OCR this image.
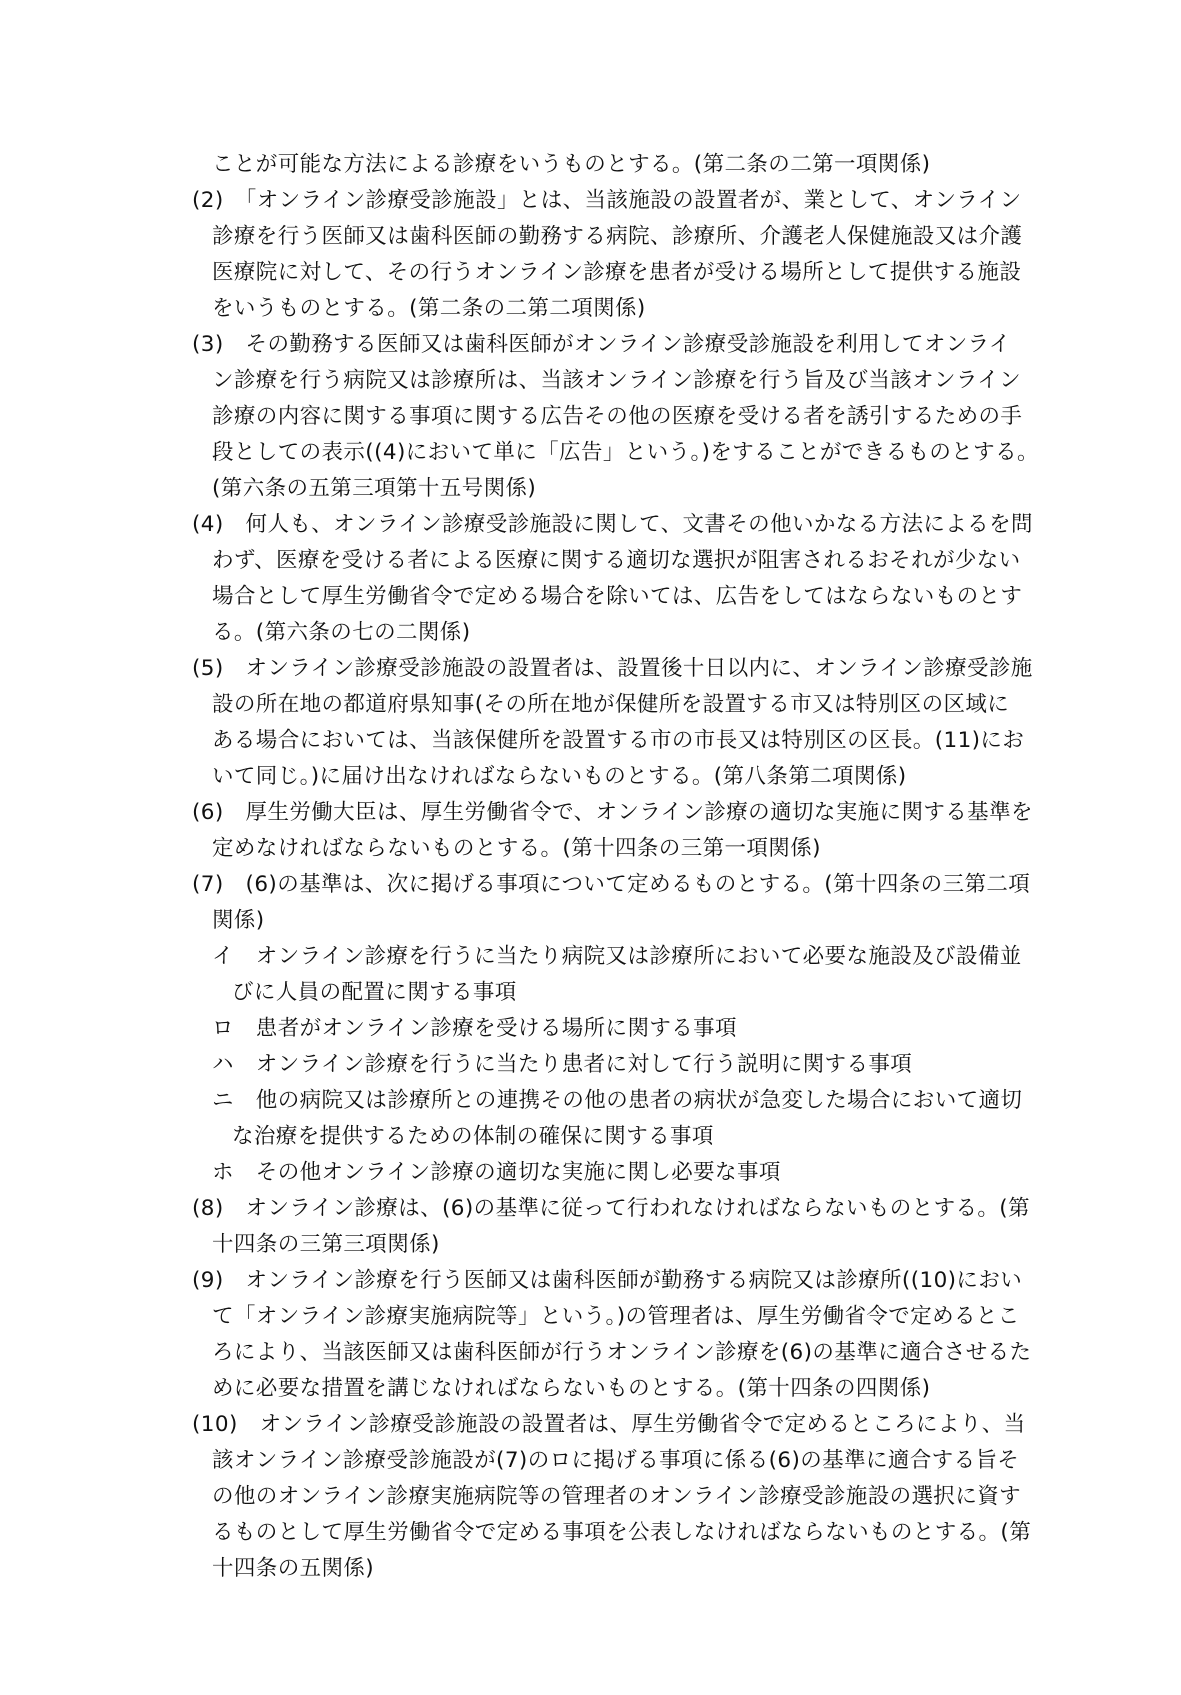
ことが可能な方法による診療をいうものとする。(第二条の二第一項関係)
(2)　「オンライン診療受診施設」とは、当該施設の設置者が、業として、オンライン
診療を行う医師又は歯科医師の勤務する病院、診療所、介護老人保健施設又は介護
医療院に対して、その行うオンライン診療を患者が受ける場所として提供する施設
をいうものとする。(第二条の二第二項関係)
(3)　その勤務する医師又は歯科医師がオンライン診療受診施設を利用してオンライ
ン診療を行う病院又は診療所は、当該オンライン診療を行う旨及び当該オンライン
診療の内容に関する事項に関する広告その他の医療を受ける者を誘引するための手
段としての表示((4)において単に「広告」という。)をすることができるものとする。
(第六条の五第三項第十五号関係)
(4)　何人も、オンライン診療受診施設に関して、文書その他いかなる方法によるを問
わず、医療を受ける者による医療に関する適切な選択が阻害されるおそれが少ない
場合として厚生労働省令で定める場合を除いては、広告をしてはならないものとす
る。(第六条の七の二関係)
(5)　オンライン診療受診施設の設置者は、設置後十日以内に、オンライン診療受診施
設の所在地の都道府県知事(その所在地が保健所を設置する市又は特別区の区域に
ある場合においては、当該保健所を設置する市の市長又は特別区の区長。(11)にお
いて同じ。)に届け出なければならないものとする。(第八条第二項関係)
(6)　厚生労働大臣は、厚生労働省令で、オンライン診療の適切な実施に関する基準を
定めなければならないものとする。(第十四条の三第一項関係)
(7)　(6)の基準は、次に掲げる事項について定めるものとする。(第十四条の三第二項
関係)
イ　オンライン診療を行うに当たり病院又は診療所において必要な施設及び設備並
びに人員の配置に関する事項
ロ　患者がオンライン診療を受ける場所に関する事項
ハ　オンライン診療を行うに当たり患者に対して行う説明に関する事項
ニ　他の病院又は診療所との連携その他の患者の病状が急変した場合において適切
な治療を提供するための体制の確保に関する事項
ホ　その他オンライン診療の適切な実施に関し必要な事項
(8)　オンライン診療は、(6)の基準に従って行われなければならないものとする。(第
十四条の三第三項関係)
(9)　オンライン診療を行う医師又は歯科医師が勤務する病院又は診療所((10)におい
て「オンライン診療実施病院等」という。)の管理者は、厚生労働省令で定めるとこ
ろにより、当該医師又は歯科医師が行うオンライン診療を(6)の基準に適合させるた
めに必要な措置を講じなければならないものとする。(第十四条の四関係)
(10)　オンライン診療受診施設の設置者は、厚生労働省令で定めるところにより、当
該オンライン診療受診施設が(7)のロに掲げる事項に係る(6)の基準に適合する旨そ
の他のオンライン診療実施病院等の管理者のオンライン診療受診施設の選択に資す
るものとして厚生労働省令で定める事項を公表しなければならないものとする。(第
十四条の五関係)
